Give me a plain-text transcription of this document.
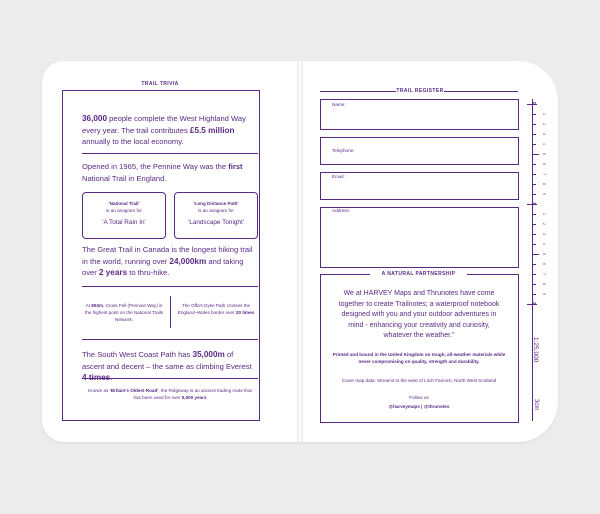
TRAIL TRIVIA
36,000 people complete the West Highland Way every year. The trail contributes £5.5 million annually to the local economy.
Opened in 1965, the Pennine Way was the first National Trail in England.
'National Trail'
is an anagram for
'A Total Rain In'
'Long Distance Path'
is an anagram for
'Landscape Tonight'
The Great Trail in Canada is the longest hiking trail in the world, running over 24,000km and taking over 2 years to thru-hike.
At 893m, Cross Fell (Pennine Way) is the highest point on the National Trails Network.
The Offa's Dyke Path crosses the England–Wales border over 20 times
The South West Coast Path has 35,000m of ascent and decent – the same as climbing Everest
Known as 'Britain's Oldest Road', the Ridgeway is an ancient trading route that has been used for over 5,000 years
TRAIL REGISTER
Name:
Telephone:
Email:
Address:
A NATURAL PARTNERSHIP
We at HARVEY Maps and Thrunotes have come together to create Trailnotes; a waterproof notebook designed with you and your outdoor adventures in mind - enhancing your creativity and curiosity, whatever the weather."
Printed and bound in the United Kingdom on tough, all-weather materials while never compromising on quality, strength and durability.
Cover map data: Streams to the west of Loch Fannich, North West Scotland
Follow us
@harveymaps | @thrunotes
1:25,000
3cm
0
1
2
3
4
5
6
7
8
9
1
1
2
3
4
5
6
7
8
9
2
